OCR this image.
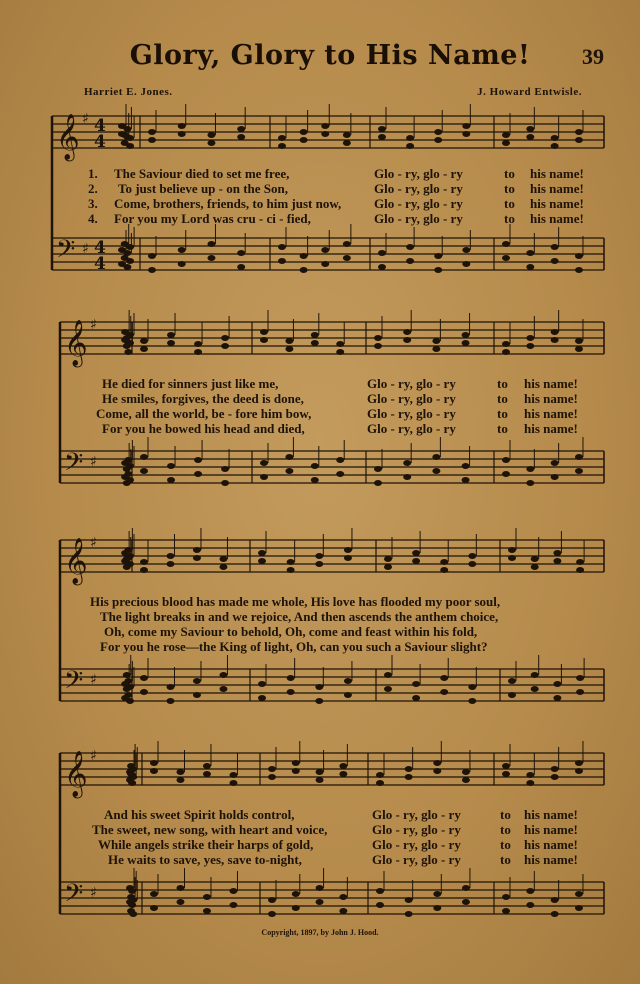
Glory, Glory to His Name!	39
Harriet E. Jones.	J. Howard Entwisle.
𝄞 ♯ 4
4
𝄢 ♯ 4
4
𝄞 ♯
𝄢 ♯
𝄞 ♯
𝄢 ♯
𝄞 ♯
𝄢 ♯
1. The Saviour died to set me free,	Glo - ry, glo - ry	to his name!
2. To just believe up - on the Son,	Glo - ry, glo - ry	to his name!
3. Come, brothers, friends, to him just now,	Glo - ry, glo - ry	to his name!
4. For you my Lord was cru - ci - fied,	Glo - ry, glo - ry	to his name!
He died for sinners just like me,	Glo - ry, glo - ry	to his name!
He smiles, forgives, the deed is done,	Glo - ry, glo - ry	to his name!
Come, all the world, be - fore him bow,	Glo - ry, glo - ry	to his name!
For you he bowed his head and died,	Glo - ry, glo - ry	to his name!
His precious blood has made me whole, His love has flooded my poor soul,
The light breaks in and we rejoice, And then ascends the anthem choice,
Oh, come my Saviour to behold, Oh, come and feast within his fold,
For you he rose—the King of light, Oh, can you such a Saviour slight?
And his sweet Spirit holds control,	Glo - ry, glo - ry	to his name!
The sweet, new song, with heart and voice,	Glo - ry, glo - ry	to his name!
While angels strike their harps of gold,	Glo - ry, glo - ry	to his name!
He waits to save, yes, save to-night,	Glo - ry, glo - ry	to his name!
Copyright, 1897, by John J. Hood.
